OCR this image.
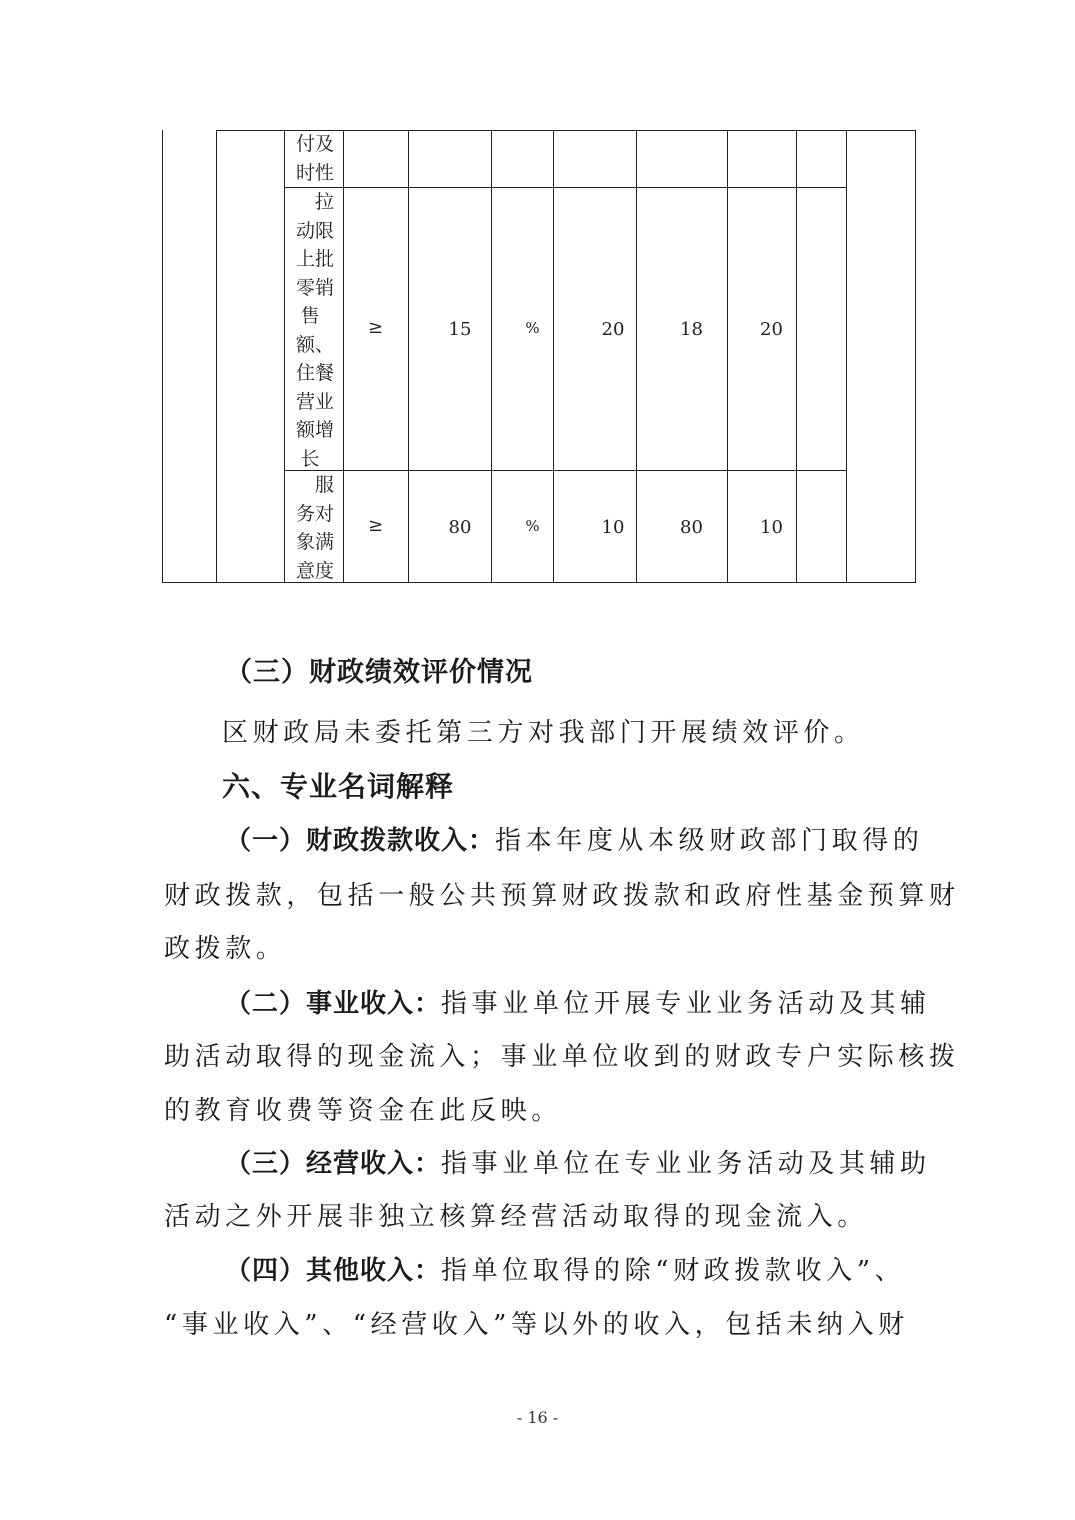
付及
时性
拉
动限
上批
零销
售
额、
住餐
营业
额增
长
≥	15	%	20	18	20
服
务对
象满
意度
≥	80	%	10	80	10
（三）财政绩效评价情况
区财政局未委托第三方对我部门开展绩效评价。
六、专业名词解释
（一）财政拨款收入：指本年度从本级财政部门取得的
财政拨款，包括一般公共预算财政拨款和政府性基金预算财
政拨款。
（二）事业收入：指事业单位开展专业业务活动及其辅
助活动取得的现金流入；事业单位收到的财政专户实际核拨
的教育收费等资金在此反映。
（三）经营收入：指事业单位在专业业务活动及其辅助
活动之外开展非独立核算经营活动取得的现金流入。
（四）其他收入：指单位取得的除“财政拨款收入”、
“事业收入”、“经营收入”等以外的收入，包括未纳入财
- 16 -
